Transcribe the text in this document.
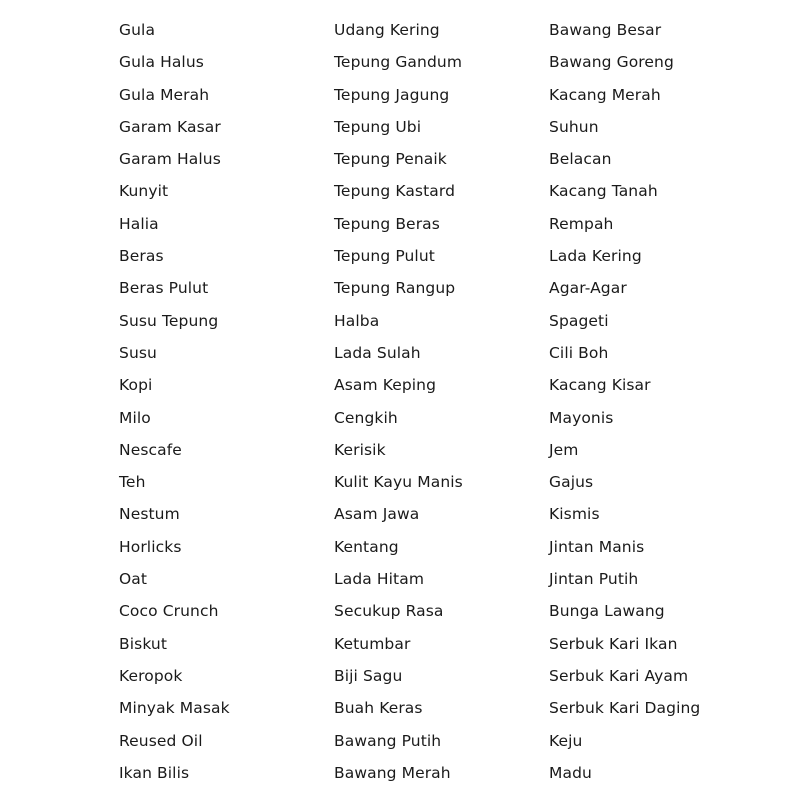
Gula
Gula Halus
Gula Merah
Garam Kasar
Garam Halus
Kunyit
Halia
Beras
Beras Pulut
Susu Tepung
Susu
Kopi
Milo
Nescafe
Teh
Nestum
Horlicks
Oat
Coco Crunch
Biskut
Keropok
Minyak Masak
Reused Oil
Ikan Bilis
Udang Kering
Tepung Gandum
Tepung Jagung
Tepung Ubi
Tepung Penaik
Tepung Kastard
Tepung Beras
Tepung Pulut
Tepung Rangup
Halba
Lada Sulah
Asam Keping
Cengkih
Kerisik
Kulit Kayu Manis
Asam Jawa
Kentang
Lada Hitam
Secukup Rasa
Ketumbar
Biji Sagu
Buah Keras
Bawang Putih
Bawang Merah
Bawang Besar
Bawang Goreng
Kacang Merah
Suhun
Belacan
Kacang Tanah
Rempah
Lada Kering
Agar-Agar
Spageti
Cili Boh
Kacang Kisar
Mayonis
Jem
Gajus
Kismis
Jintan Manis
Jintan Putih
Bunga Lawang
Serbuk Kari Ikan
Serbuk Kari Ayam
Serbuk Kari Daging
Keju
Madu
